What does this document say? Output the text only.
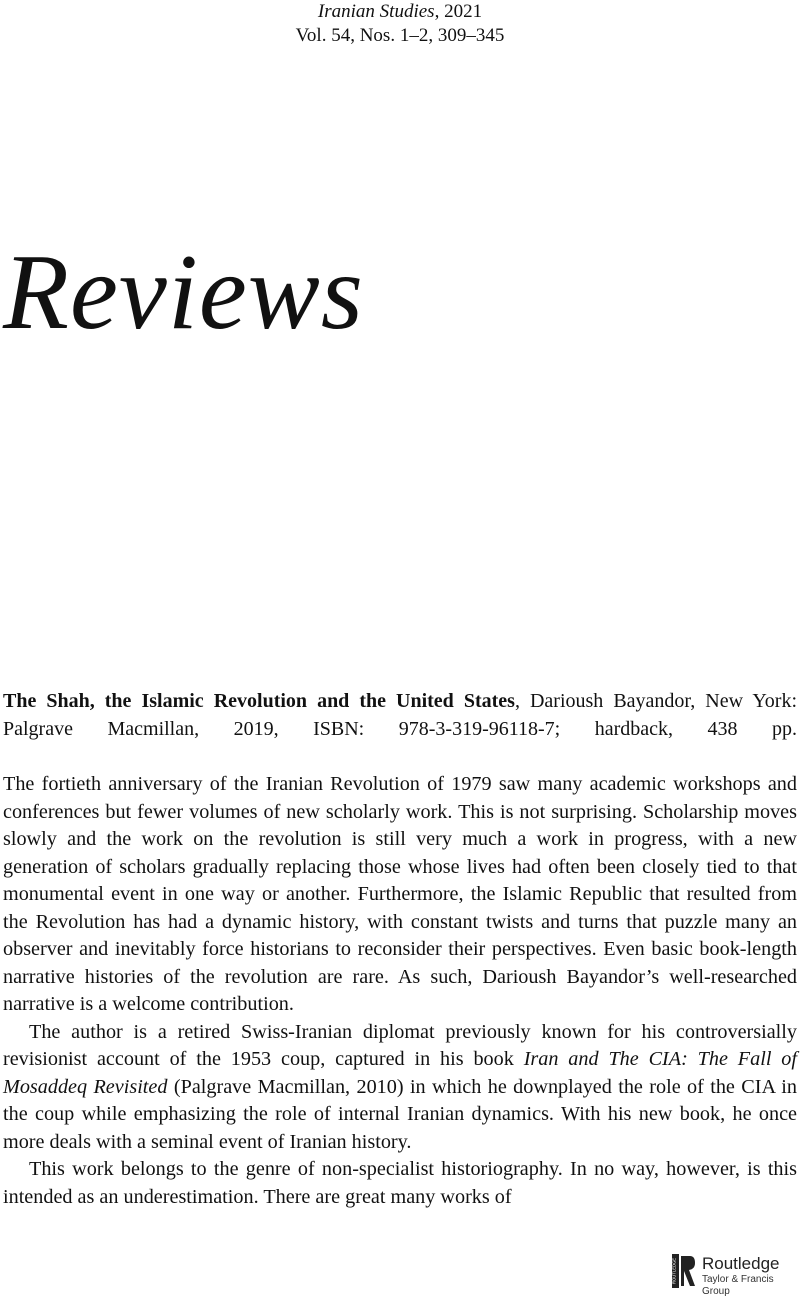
Iranian Studies, 2021
Vol. 54, Nos. 1–2, 309–345
Reviews
The Shah, the Islamic Revolution and the United States, Darioush Bayandor, New York: Palgrave Macmillan, 2019, ISBN: 978-3-319-96118-7; hardback, 438 pp.

The fortieth anniversary of the Iranian Revolution of 1979 saw many academic workshops and conferences but fewer volumes of new scholarly work. This is not surprising. Scholarship moves slowly and the work on the revolution is still very much a work in progress, with a new generation of scholars gradually replacing those whose lives had often been closely tied to that monumental event in one way or another. Furthermore, the Islamic Republic that resulted from the Revolution has had a dynamic history, with constant twists and turns that puzzle many an observer and inevitably force historians to reconsider their perspectives. Even basic book-length narrative histories of the revolution are rare. As such, Darioush Bayandor’s well-researched narrative is a welcome contribution.

The author is a retired Swiss-Iranian diplomat previously known for his controversially revisionist account of the 1953 coup, captured in his book Iran and The CIA: The Fall of Mosaddeq Revisited (Palgrave Macmillan, 2010) in which he downplayed the role of the CIA in the coup while emphasizing the role of internal Iranian dynamics. With his new book, he once more deals with a seminal event of Iranian history.

This work belongs to the genre of non-specialist historiography. In no way, however, is this intended as an underestimation. There are great many works of

ROUTLEDGE Routledge
Taylor & Francis Group
